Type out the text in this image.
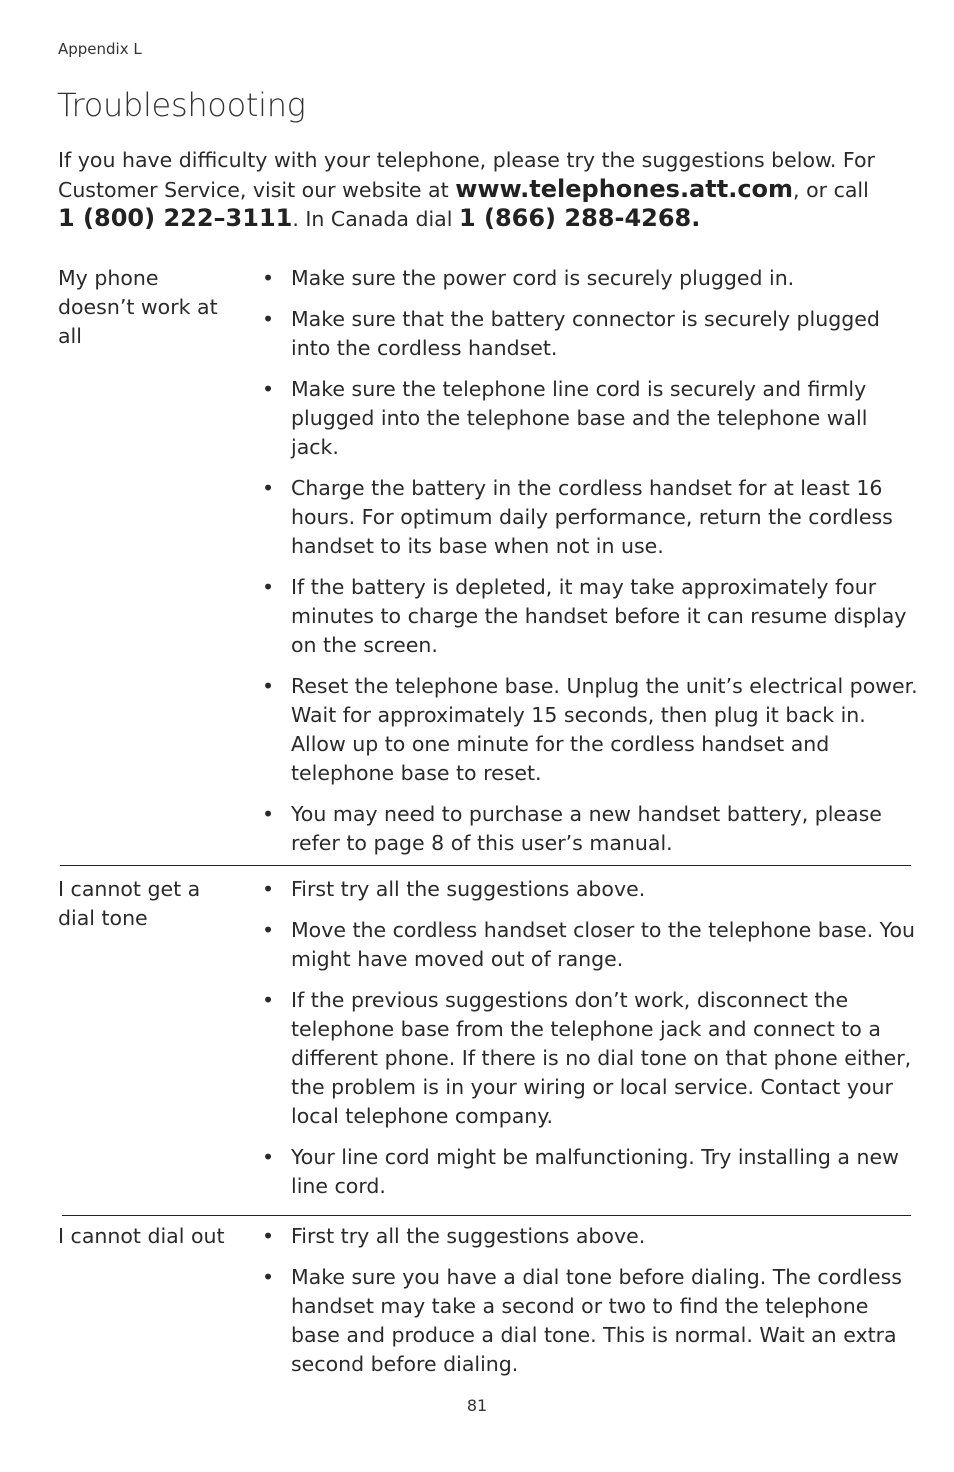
Appendix L
Troubleshooting
If you have difficulty with your telephone, please try the suggestions below. For Customer Service, visit our website at www.telephones.att.com, or call
1 (800) 222–3111. In Canada dial 1 (866) 288-4268.
My phone doesn’t work at all
• Make sure the power cord is securely plugged in.
• Make sure that the battery connector is securely plugged into the cordless handset.
• Make sure the telephone line cord is securely and firmly plugged into the telephone base and the telephone wall jack.
• Charge the battery in the cordless handset for at least 16 hours. For optimum daily performance, return the cordless handset to its base when not in use.
• If the battery is depleted, it may take approximately four minutes to charge the handset before it can resume display on the screen.
• Reset the telephone base. Unplug the unit’s electrical power. Wait for approximately 15 seconds, then plug it back in. Allow up to one minute for the cordless handset and telephone base to reset.
• You may need to purchase a new handset battery, please refer to page 8 of this user’s manual.
I cannot get a dial tone
• First try all the suggestions above.
• Move the cordless handset closer to the telephone base. You might have moved out of range.
• If the previous suggestions don’t work, disconnect the telephone base from the telephone jack and connect to a different phone. If there is no dial tone on that phone either, the problem is in your wiring or local service. Contact your local telephone company.
• Your line cord might be malfunctioning. Try installing a new line cord.
I cannot dial out	• First try all the suggestions above.
• Make sure you have a dial tone before dialing. The cordless handset may take a second or two to find the telephone base and produce a dial tone. This is normal. Wait an extra second before dialing.
81
